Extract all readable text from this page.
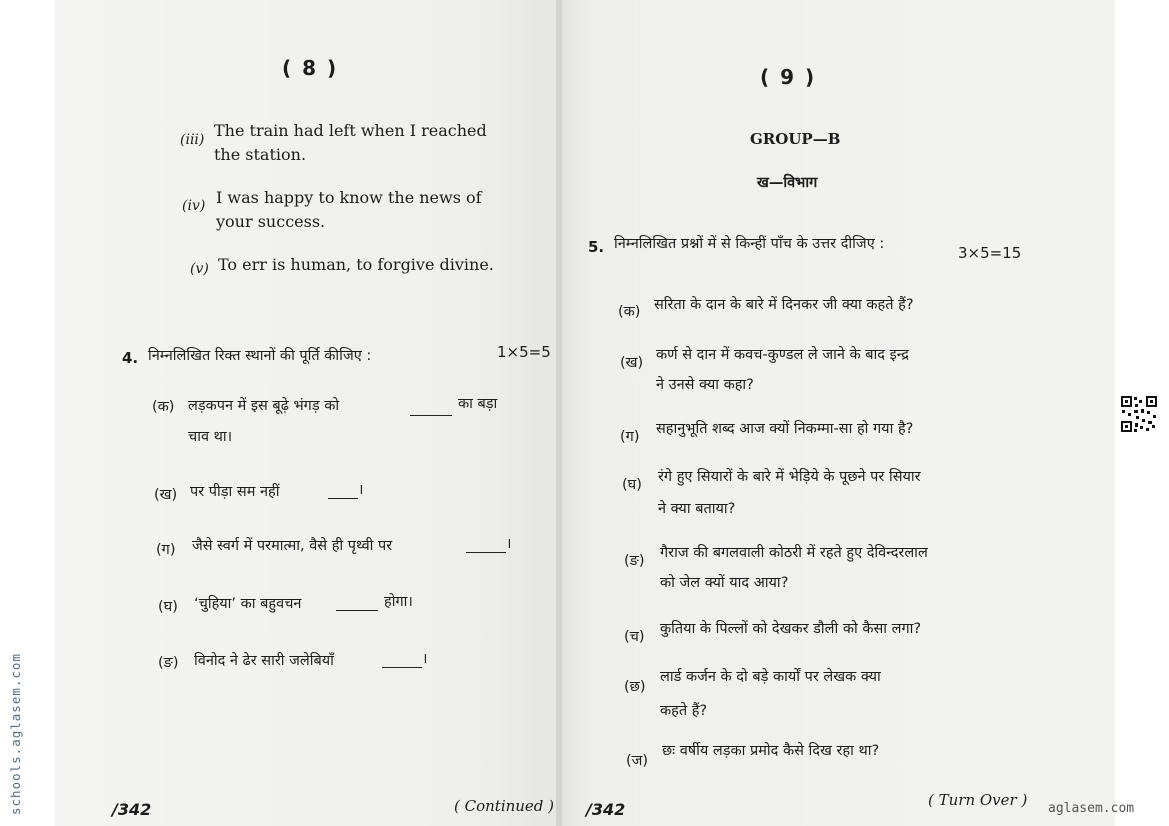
( 8 )
(iii) The train had left when I reached
the station.
(iv) I was happy to know the news of
your success.
(v) To err is human, to forgive divine.
4. निम्नलिखित रिक्त स्थानों की पूर्ति कीजिए :	1×5=5
(क) लड़कपन में इस बूढ़े भंगड़ को	का बड़ा
चाव था।
(ख) पर पीड़ा सम नहीं	।
(ग) जैसे स्वर्ग में परमात्मा, वैसे ही पृथ्वी पर	।
(घ) ‘चुहिया’ का बहुवचन	होगा।
(ङ) विनोद ने ढेर सारी जलेबियाँ	।
/342	( Continued )
( 9 )
GROUP—B
ख—विभाग
5. निम्नलिखित प्रश्नों में से किन्हीं पाँच के उत्तर दीजिए :	3×5=15
(क) सरिता के दान के बारे में दिनकर जी क्या कहते हैं?
(ख) कर्ण से दान में कवच-कुण्डल ले जाने के बाद इन्द्र
ने उनसे क्या कहा?
(ग) सहानुभूति शब्द आज क्यों निकम्मा-सा हो गया है?
(घ) रंगे हुए सियारों के बारे में भेड़िये के पूछने पर सियार
ने क्या बताया?
(ङ) गैराज की बगलवाली कोठरी में रहते हुए देविन्दरलाल
को जेल क्यों याद आया?
(च) कुतिया के पिल्लों को देखकर डौली को कैसा लगा?
(छ)
लार्ड कर्जन के दो बड़े कार्यों पर लेखक क्या
कहते हैं?
(ज)
छः वर्षीय लड़का प्रमोद कैसे दिख रहा था?
/342	( Turn Over )
schools.aglasem.com	aglasem.com
